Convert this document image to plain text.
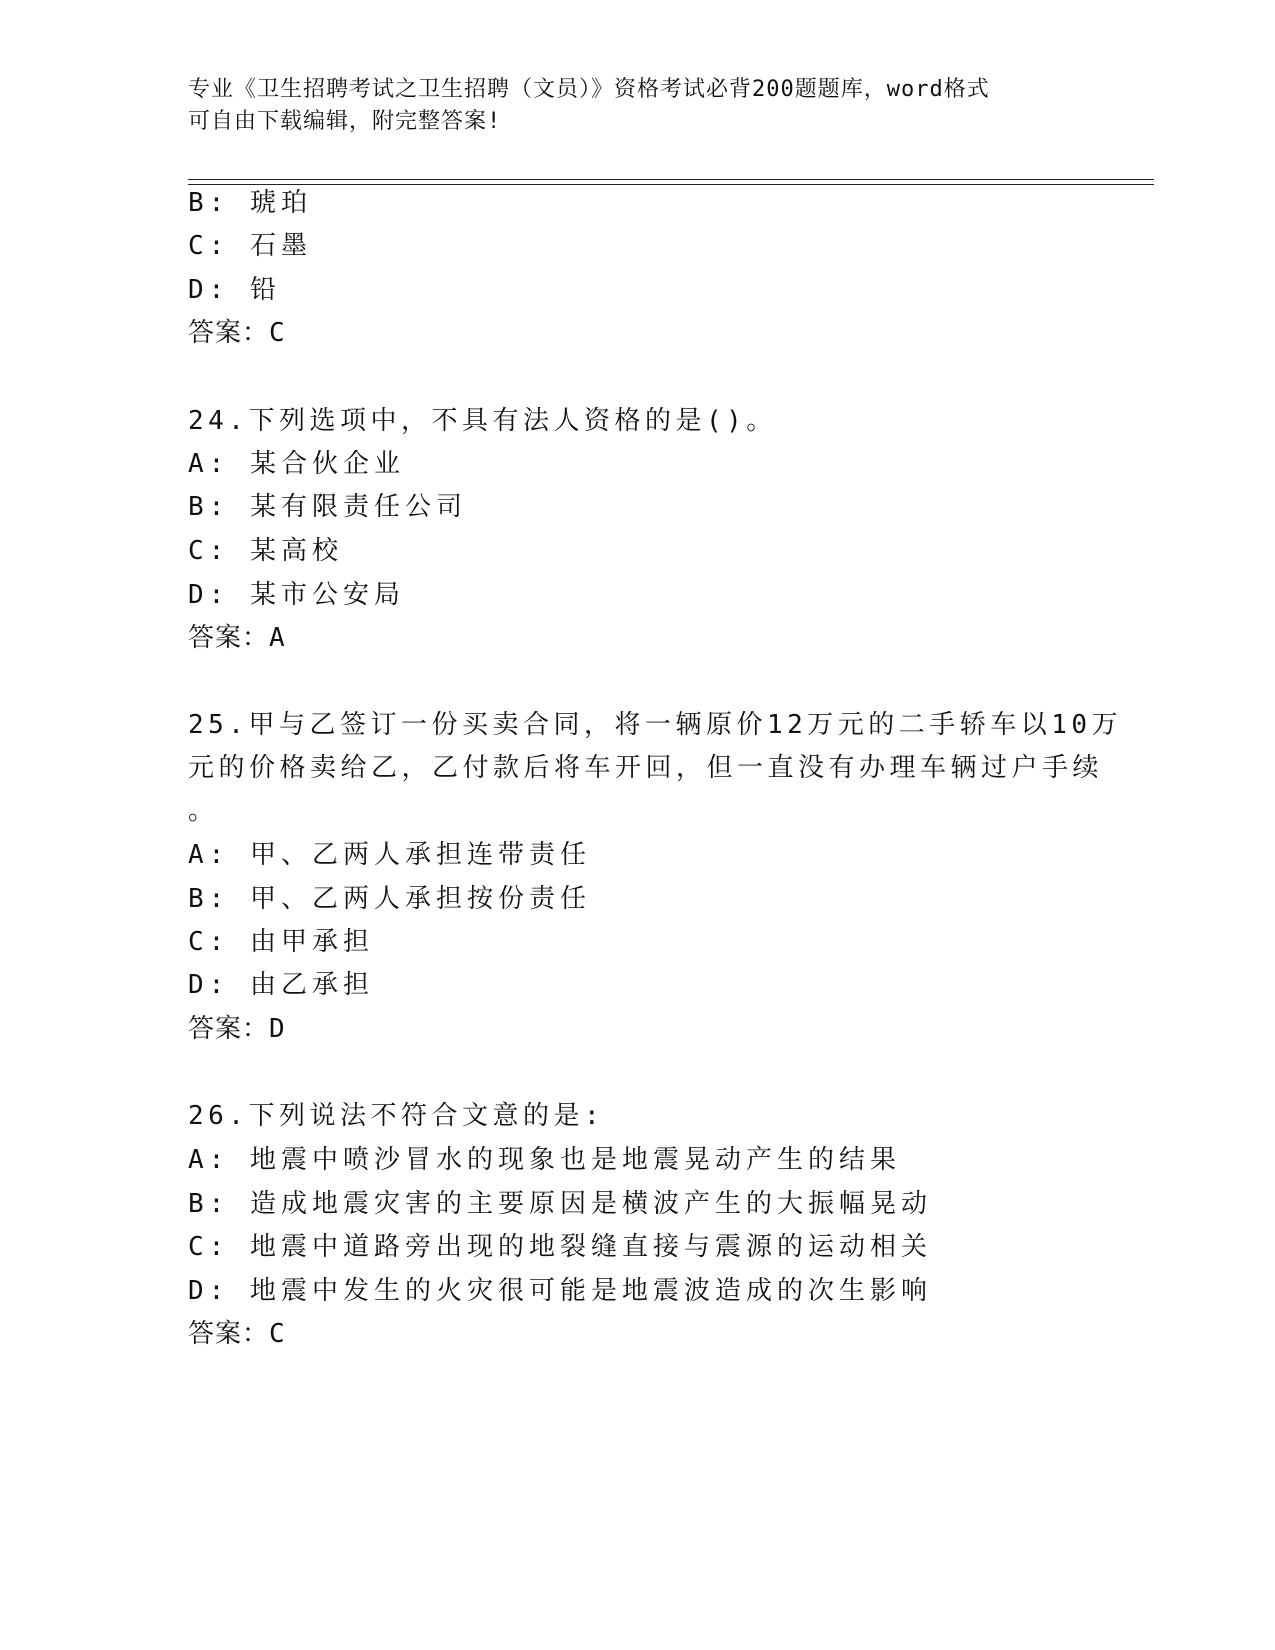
专业《卫生招聘考试之卫生招聘（文员）》资格考试必背200题题库，word格式
可自由下载编辑，附完整答案!
B: 琥珀
C: 石墨
D: 铅
答案：C
24.下列选项中，不具有法人资格的是()。
A: 某合伙企业
B: 某有限责任公司
C: 某高校
D: 某市公安局
答案：A
25.甲与乙签订一份买卖合同，将一辆原价12万元的二手轿车以10万
元的价格卖给乙，乙付款后将车开回，但一直没有办理车辆过户手续
。
A: 甲、乙两人承担连带责任
B: 甲、乙两人承担按份责任
C: 由甲承担
D: 由乙承担
答案：D
26.下列说法不符合文意的是:
A: 地震中喷沙冒水的现象也是地震晃动产生的结果
B: 造成地震灾害的主要原因是横波产生的大振幅晃动
C: 地震中道路旁出现的地裂缝直接与震源的运动相关
D: 地震中发生的火灾很可能是地震波造成的次生影响
答案：C
